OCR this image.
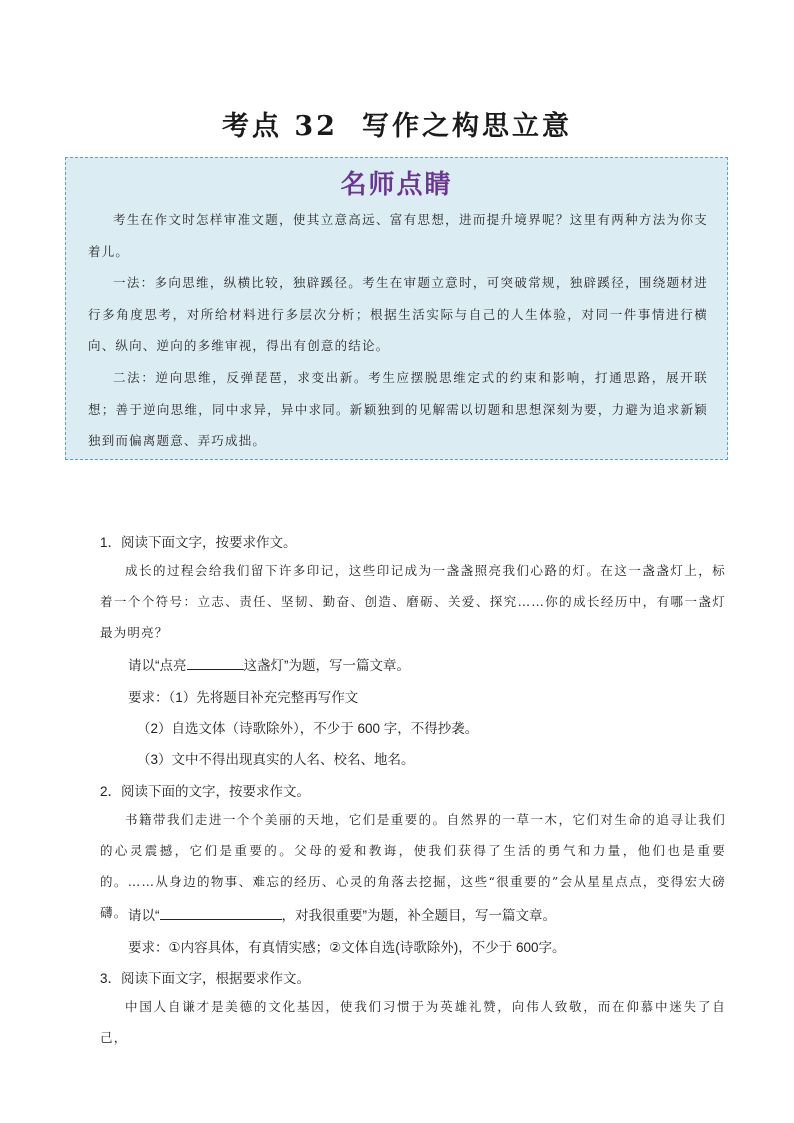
考点 32 写作之构思立意
名师点睛

考生在作文时怎样审准文题，使其立意高远、富有思想，进而提升境界呢？这里有两种方法为你支着儿。

一法：多向思维，纵横比较，独辟蹊径。考生在审题立意时，可突破常规，独辟蹊径，围绕题材进行多角度思考，对所给材料进行多层次分析；根据生活实际与自己的人生体验，对同一件事情进行横向、纵向、逆向的多维审视，得出有创意的结论。

二法：逆向思维，反弹琵琶，求变出新。考生应摆脱思维定式的约束和影响，打通思路，展开联想；善于逆向思维，同中求异，异中求同。新颖独到的见解需以切题和思想深刻为要，力避为追求新颖独到而偏离题意、弄巧成拙。

1．阅读下面文字，按要求作文。

成长的过程会给我们留下许多印记，这些印记成为一盏盏照亮我们心路的灯。在这一盏盏灯上，标着一个个符号：立志、责任、坚韧、勤奋、创造、磨砺、关爱、探究……你的成长经历中，有哪一盏灯最为明亮？

请以“点亮	这盏灯”为题，写一篇文章。
要求：（1）先将题目补充完整再写作文
（2）自选文体（诗歌除外），不少于 600 字，不得抄袭。
（3）文中不得出现真实的人名、校名、地名。
2．阅读下面的文字，按要求作文。

书籍带我们走进一个个美丽的天地，它们是重要的。自然界的一草一木，它们对生命的追寻让我们的心灵震撼，它们是重要的。父母的爱和教诲，使我们获得了生活的勇气和力量，他们也是重要的。……从身边的物事、难忘的经历、心灵的角落去挖掘，这些“很重要的”会从星星点点，变得宏大磅礴。 请以“	，对我很重要”为题，补全题目，写一篇文章。
要求：①内容具体，有真情实感；②文体自选(诗歌除外)，不少于 600字。
3．阅读下面文字，根据要求作文。

中国人自谦才是美德的文化基因，使我们习惯于为英雄礼赞，向伟人致敬，而在仰慕中迷失了自己，
